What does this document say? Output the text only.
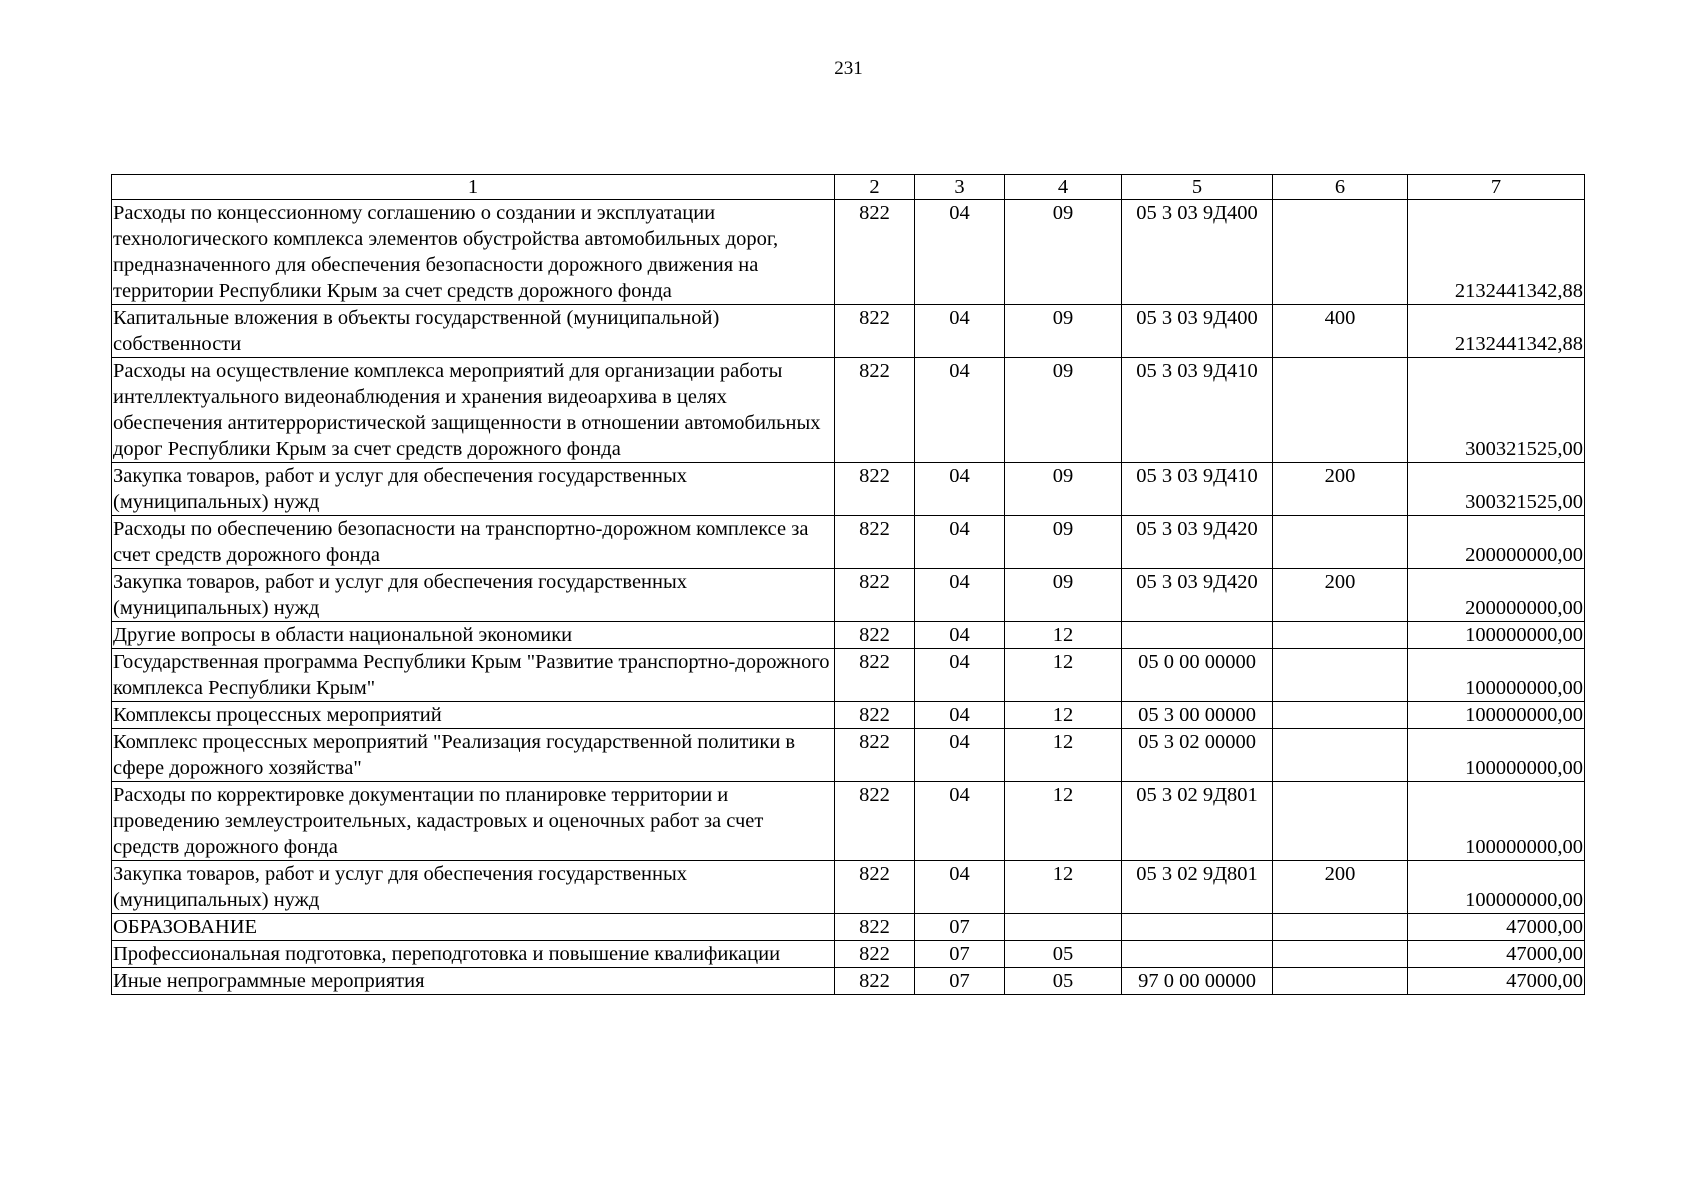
231
1	2	3	4	5	6	7
Расходы по концессионному соглашению о создании и эксплуатации технологического комплекса элементов обустройства автомобильных дорог, предназначенного для обеспечения безопасности дорожного движения на территории Республики Крым за счет средств дорожного фонда	822	04	09	05 3 03 9Д400		2132441342,88
Капитальные вложения в объекты государственной (муниципальной) собственности	822	04	09	05 3 03 9Д400	400	2132441342,88
Расходы на осуществление комплекса мероприятий для организации работы интеллектуального видеонаблюдения и хранения видеоархива в целях обеспечения антитеррористической защищенности в отношении автомобильных дорог Республики Крым за счет средств дорожного фонда	822	04	09	05 3 03 9Д410		300321525,00
Закупка товаров, работ и услуг для обеспечения государственных (муниципальных) нужд	822	04	09	05 3 03 9Д410	200	300321525,00
Расходы по обеспечению безопасности на транспортно-дорожном комплексе за счет средств дорожного фонда	822	04	09	05 3 03 9Д420		200000000,00
Закупка товаров, работ и услуг для обеспечения государственных (муниципальных) нужд	822	04	09	05 3 03 9Д420	200	200000000,00
Другие вопросы в области национальной экономики	822	04	12			100000000,00
Государственная программа Республики Крым "Развитие транспортно-дорожного комплекса Республики Крым"	822	04	12	05 0 00 00000		100000000,00
Комплексы процессных мероприятий	822	04	12	05 3 00 00000		100000000,00
Комплекс процессных мероприятий "Реализация государственной политики в сфере дорожного хозяйства"	822	04	12	05 3 02 00000		100000000,00
Расходы по корректировке документации по планировке территории и проведению землеустроительных, кадастровых и оценочных работ за счет средств дорожного фонда	822	04	12	05 3 02 9Д801		100000000,00
Закупка товаров, работ и услуг для обеспечения государственных (муниципальных) нужд	822	04	12	05 3 02 9Д801	200	100000000,00
ОБРАЗОВАНИЕ	822	07				47000,00
Профессиональная подготовка, переподготовка и повышение квалификации	822	07	05			47000,00
Иные непрограммные мероприятия	822	07	05	97 0 00 00000		47000,00
